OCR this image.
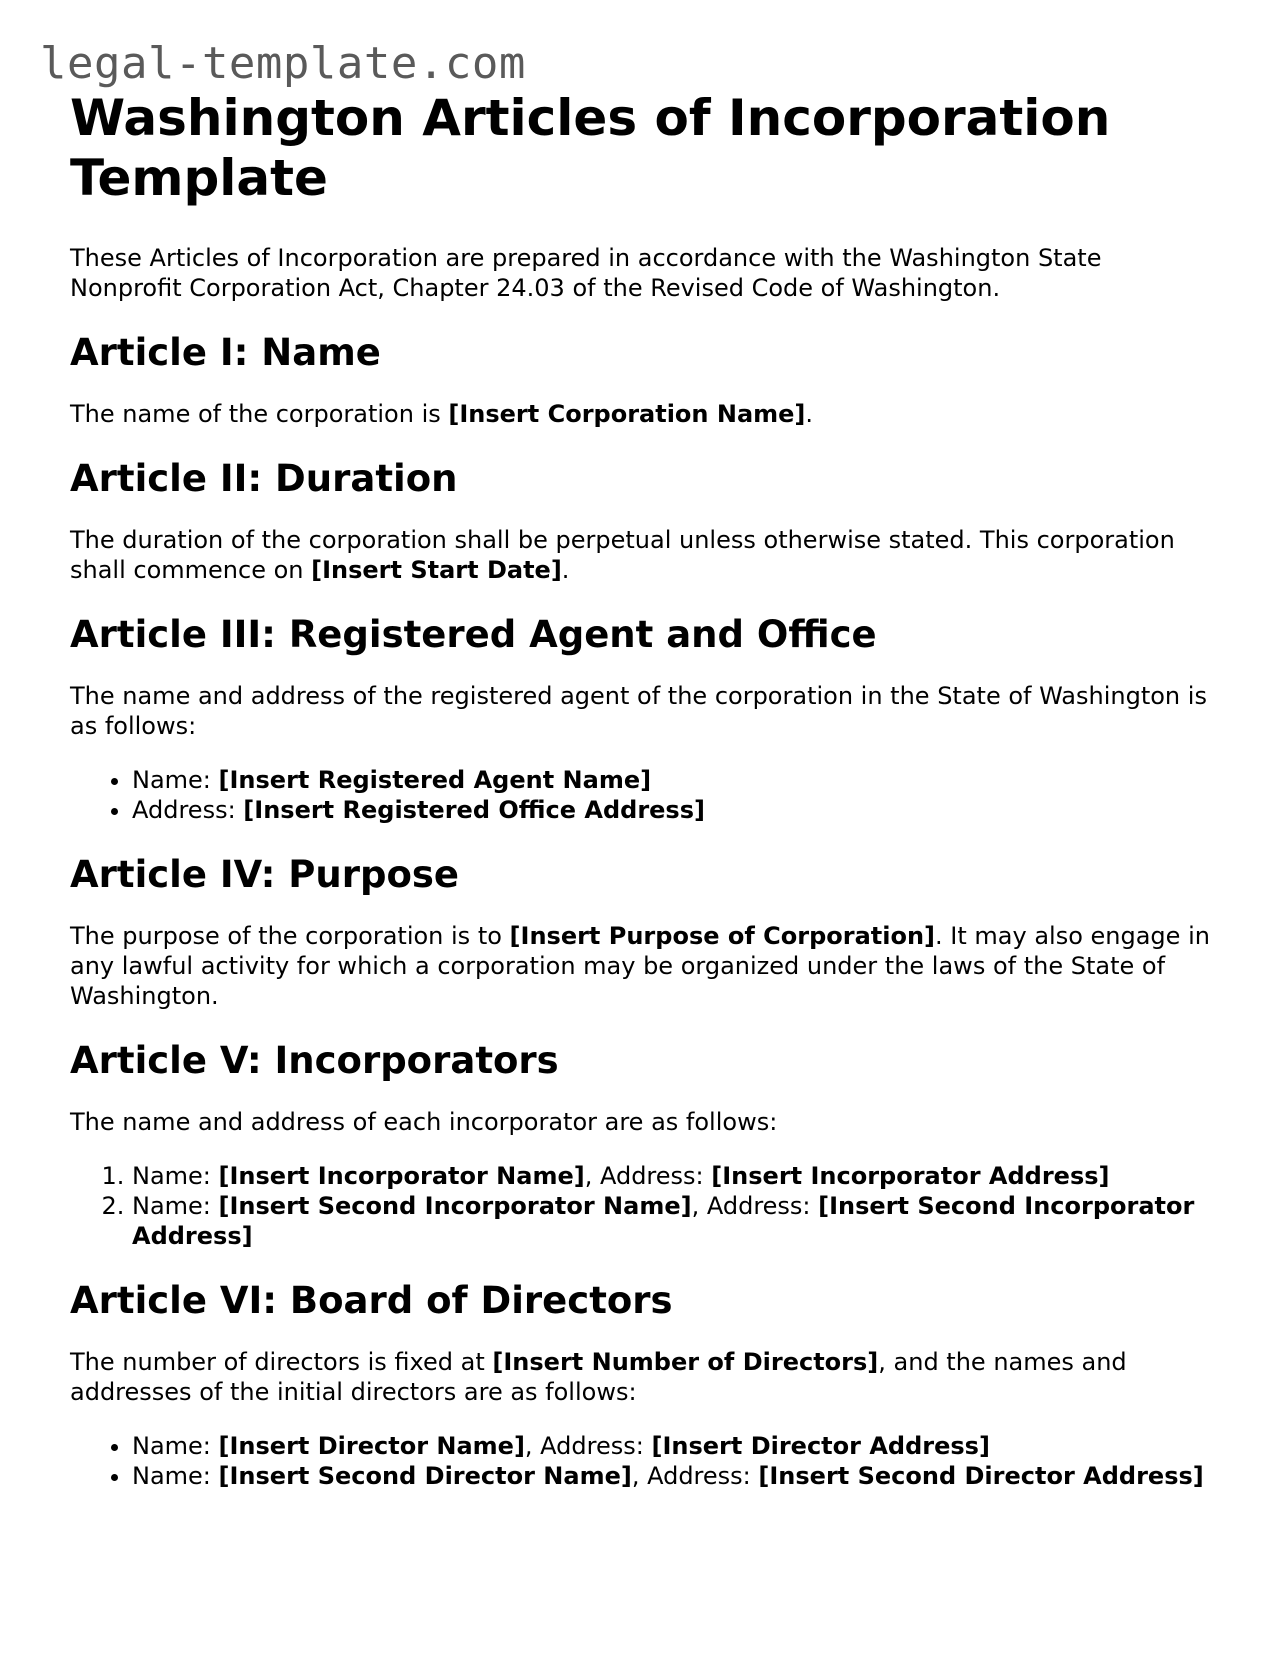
legal-template.com
Washington Articles of Incorporation Template

These Articles of Incorporation are prepared in accordance with the Washington State Nonprofit Corporation Act, Chapter 24.03 of the Revised Code of Washington.

Article I: Name

The name of the corporation is [Insert Corporation Name].

Article II: Duration

The duration of the corporation shall be perpetual unless otherwise stated. This corporation shall commence on [Insert Start Date].

Article III: Registered Agent and Office

The name and address of the registered agent of the corporation in the State of Washington is as follows:

• Name: [Insert Registered Agent Name]
• Address: [Insert Registered Office Address]
Article IV: Purpose

The purpose of the corporation is to [Insert Purpose of Corporation]. It may also engage in any lawful activity for which a corporation may be organized under the laws of the State of Washington.

Article V: Incorporators

The name and address of each incorporator are as follows:

1. Name: [Insert Incorporator Name], Address: [Insert Incorporator Address]
2. Name: [Insert Second Incorporator Name], Address: [Insert Second Incorporator Address]
Article VI: Board of Directors

The number of directors is fixed at [Insert Number of Directors], and the names and addresses of the initial directors are as follows:

• Name: [Insert Director Name], Address: [Insert Director Address]
• Name: [Insert Second Director Name], Address: [Insert Second Director Address]
